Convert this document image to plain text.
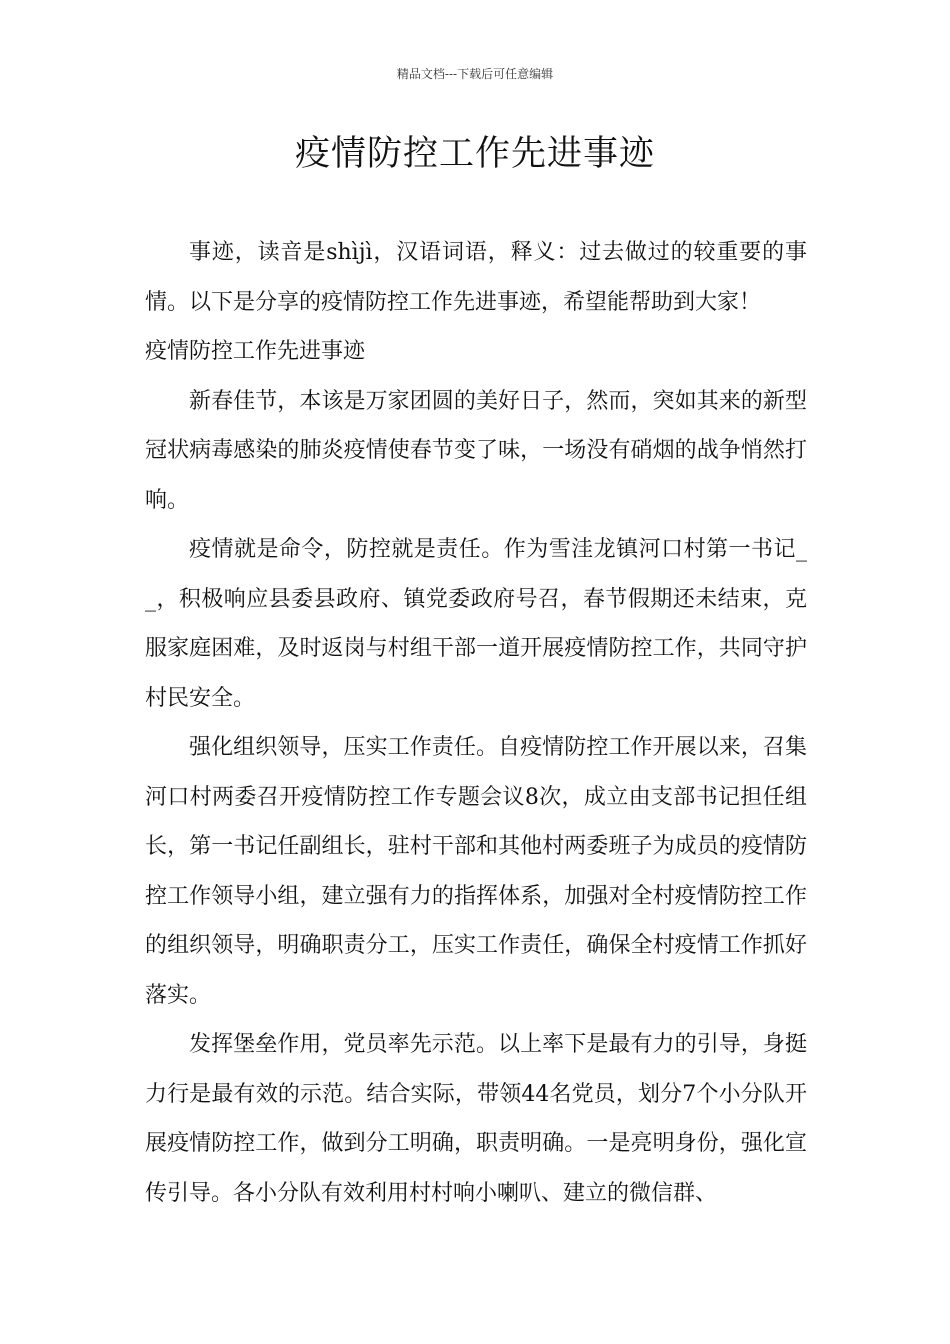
精品文档---下载后可任意编辑
疫情防控工作先进事迹

事迹，读音是shìjì，汉语词语，释义：过去做过的较重要的事情。以下是分享的疫情防控工作先进事迹，希望能帮助到大家！

疫情防控工作先进事迹

新春佳节，本该是万家团圆的美好日子，然而，突如其来的新型冠状病毒感染的肺炎疫情使春节变了味，一场没有硝烟的战争悄然打响。

疫情就是命令，防控就是责任。作为雪洼龙镇河口村第一书记__，积极响应县委县政府、镇党委政府号召，春节假期还未结束，克服家庭困难，及时返岗与村组干部一道开展疫情防控工作，共同守护村民安全。

强化组织领导，压实工作责任。自疫情防控工作开展以来，召集河口村两委召开疫情防控工作专题会议8次，成立由支部书记担任组长，第一书记任副组长，驻村干部和其他村两委班子为成员的疫情防控工作领导小组，建立强有力的指挥体系，加强对全村疫情防控工作的组织领导，明确职责分工，压实工作责任，确保全村疫情工作抓好落实。

发挥堡垒作用，党员率先示范。以上率下是最有力的引导，身挺力行是最有效的示范。结合实际，带领44名党员，划分7个小分队开展疫情防控工作，做到分工明确，职责明确。一是亮明身份，强化宣传引导。各小分队有效利用村村响小喇叭、建立的微信群、
